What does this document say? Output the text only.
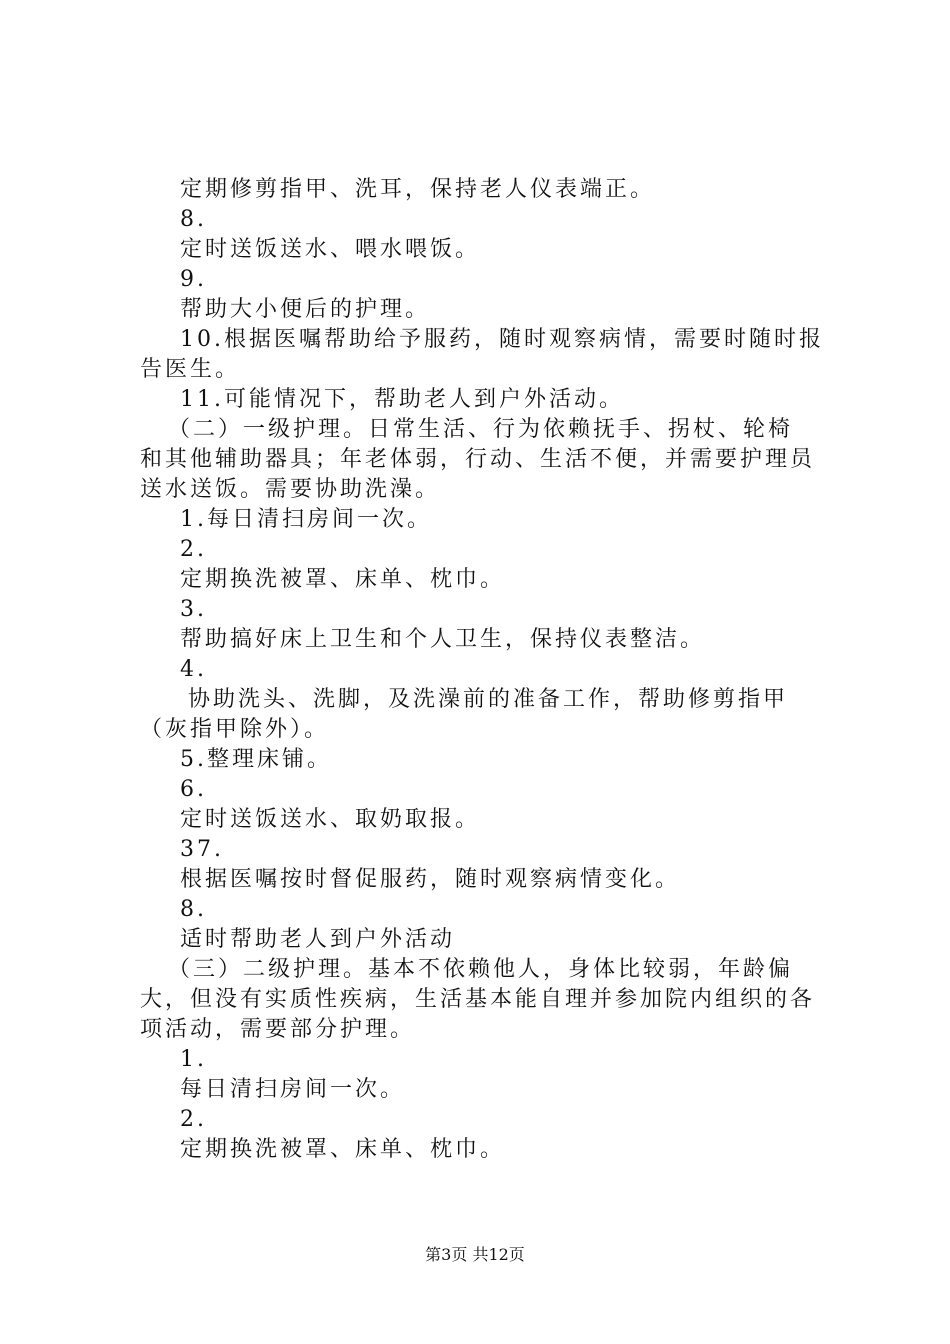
定期修剪指甲、洗耳，保持老人仪表端正。
8.
定时送饭送水、喂水喂饭。
9.
帮助大小便后的护理。
10.根据医嘱帮助给予服药，随时观察病情，需要时随时报
告医生。
11.可能情况下，帮助老人到户外活动。
（二）一级护理。日常生活、行为依赖抚手、拐杖、轮椅
和其他辅助器具；年老体弱，行动、生活不便，并需要护理员
送水送饭。需要协助洗澡。
1.每日清扫房间一次。
2.
定期换洗被罩、床单、枕巾。
3.
帮助搞好床上卫生和个人卫生，保持仪表整洁。
4.
协助洗头、洗脚，及洗澡前的准备工作，帮助修剪指甲
（灰指甲除外）。
5.整理床铺。
6.
定时送饭送水、取奶取报。
37.
根据医嘱按时督促服药，随时观察病情变化。
8.
适时帮助老人到户外活动
（三）二级护理。基本不依赖他人，身体比较弱，年龄偏
大，但没有实质性疾病，生活基本能自理并参加院内组织的各
项活动，需要部分护理。
1.
每日清扫房间一次。
2.
定期换洗被罩、床单、枕巾。
第3页 共12页
